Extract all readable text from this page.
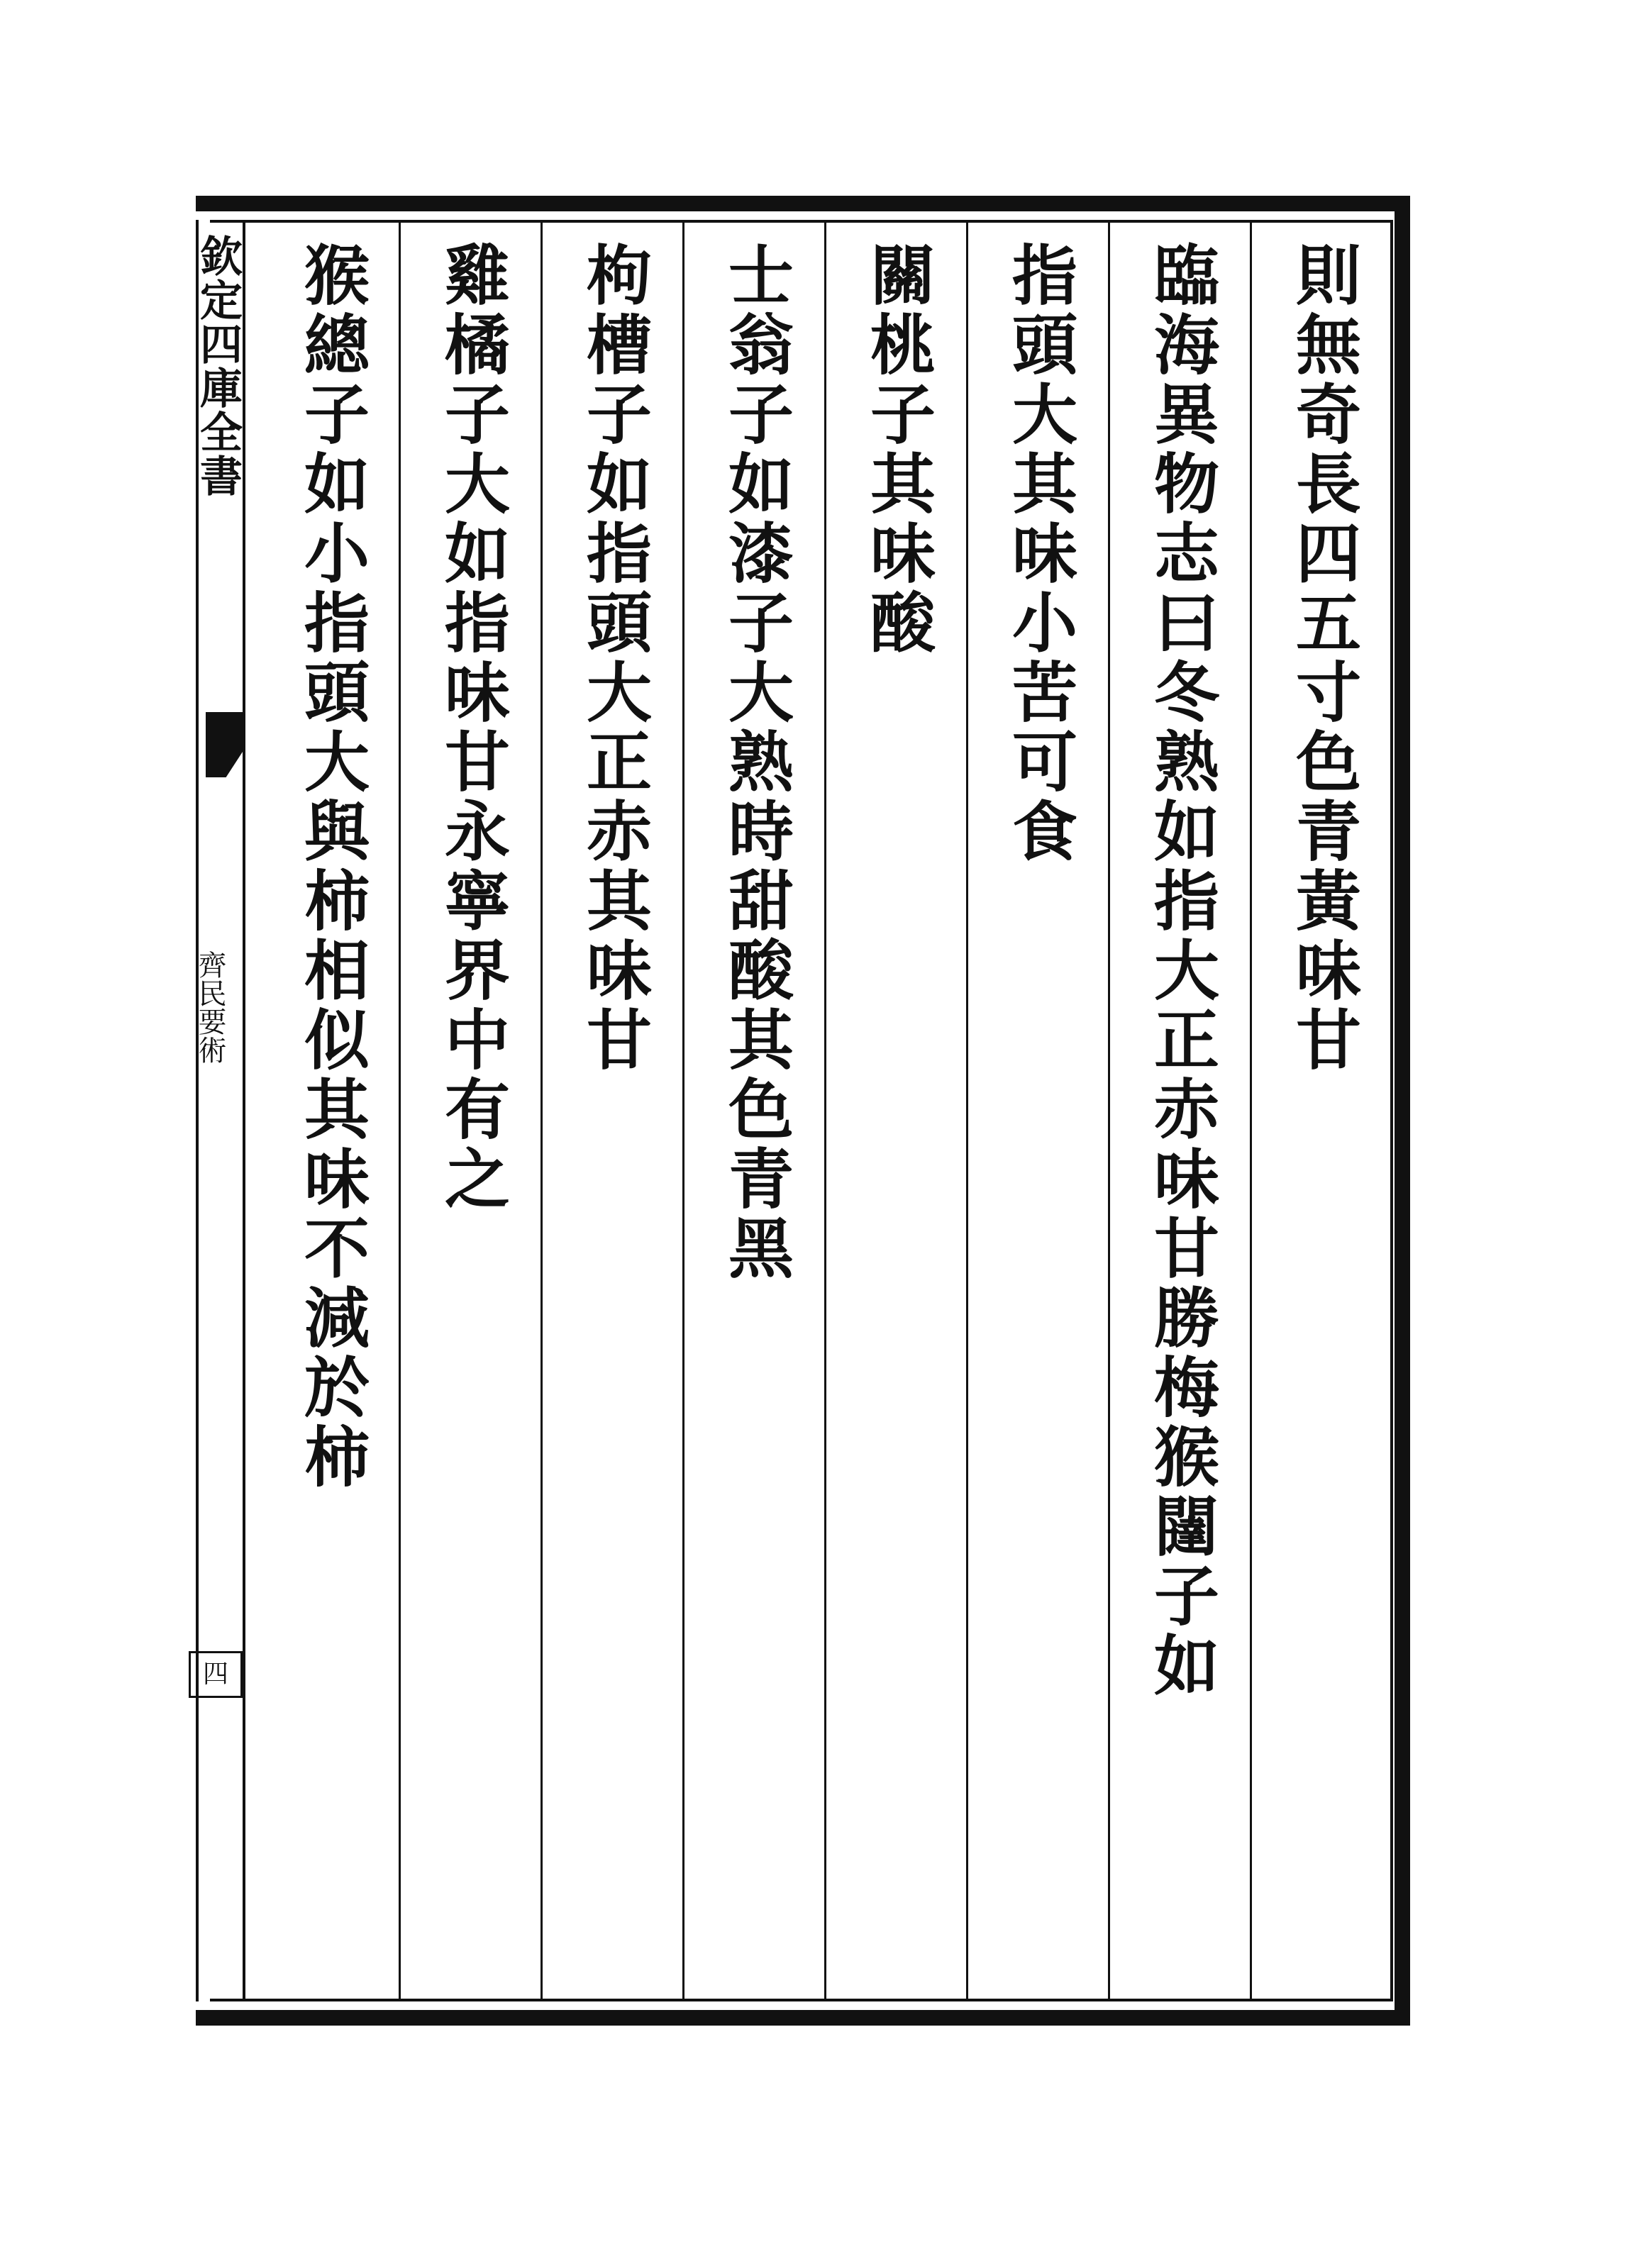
欽定四庫全書
齊民要術
四
則無奇長四五寸色青黃味甘
臨海異物志曰冬熟如指大正赤味甘勝梅猴闥子如
指頭大其味小苦可食
關桃子其味酸
士翁子如漆子大熟時甜酸其色青黑
枸槽子如指頭大正赤其味甘
雞橘子大如指味甘永寧界中有之
猴總子如小指頭大與柿相似其味不減於柿
